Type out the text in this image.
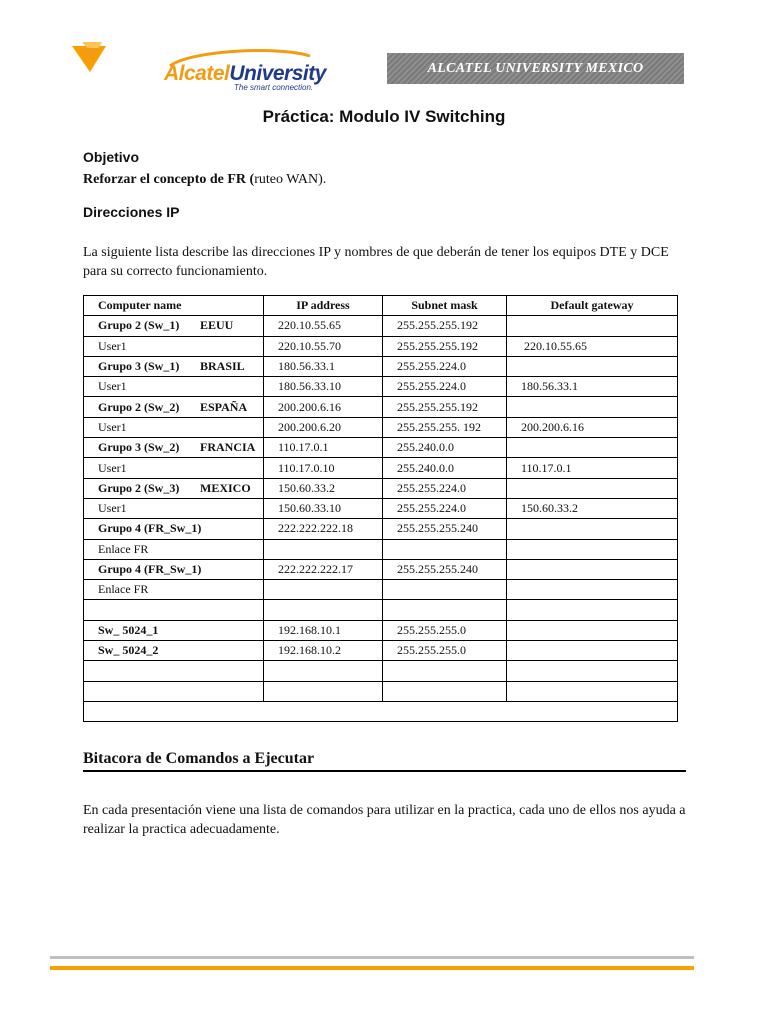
AlcatelUniversity
The smart connection.
ALCATEL UNIVERSITY MEXICO
Práctica: Modulo IV Switching
Objetivo
Reforzar el concepto de FR (ruteo WAN).
Direcciones IP
La siguiente lista describe las direcciones IP y nombres de que deberán de tener los equipos DTE y DCE para su correcto funcionamiento.
Computer name	IP address	Subnet mask	Default gateway
Grupo 2 (Sw_1) EEUU	220.10.55.65	255.255.255.192	
User1	220.10.55.70	255.255.255.192	220.10.55.65
Grupo 3 (Sw_1) BRASIL	180.56.33.1	255.255.224.0	
User1	180.56.33.10	255.255.224.0	180.56.33.1
Grupo 2 (Sw_2) ESPAÑA	200.200.6.16	255.255.255.192	
User1	200.200.6.20	255.255.255. 192	200.200.6.16
Grupo 3 (Sw_2) FRANCIA	110.17.0.1	255.240.0.0	
User1	110.17.0.10	255.240.0.0	110.17.0.1
Grupo 2 (Sw_3) MEXICO	150.60.33.2	255.255.224.0	
User1	150.60.33.10	255.255.224.0	150.60.33.2
Grupo 4 (FR_Sw_1)	222.222.222.18	255.255.255.240	
Enlace FR			
Grupo 4 (FR_Sw_1)	222.222.222.17	255.255.255.240	
Enlace FR			

Sw_ 5024_1	192.168.10.1	255.255.255.0	
Sw_ 5024_2	192.168.10.2	255.255.255.0	

Bitacora de Comandos a Ejecutar
En cada presentación viene una lista de comandos para utilizar en la practica, cada uno de ellos nos ayuda a realizar la practica adecuadamente.
